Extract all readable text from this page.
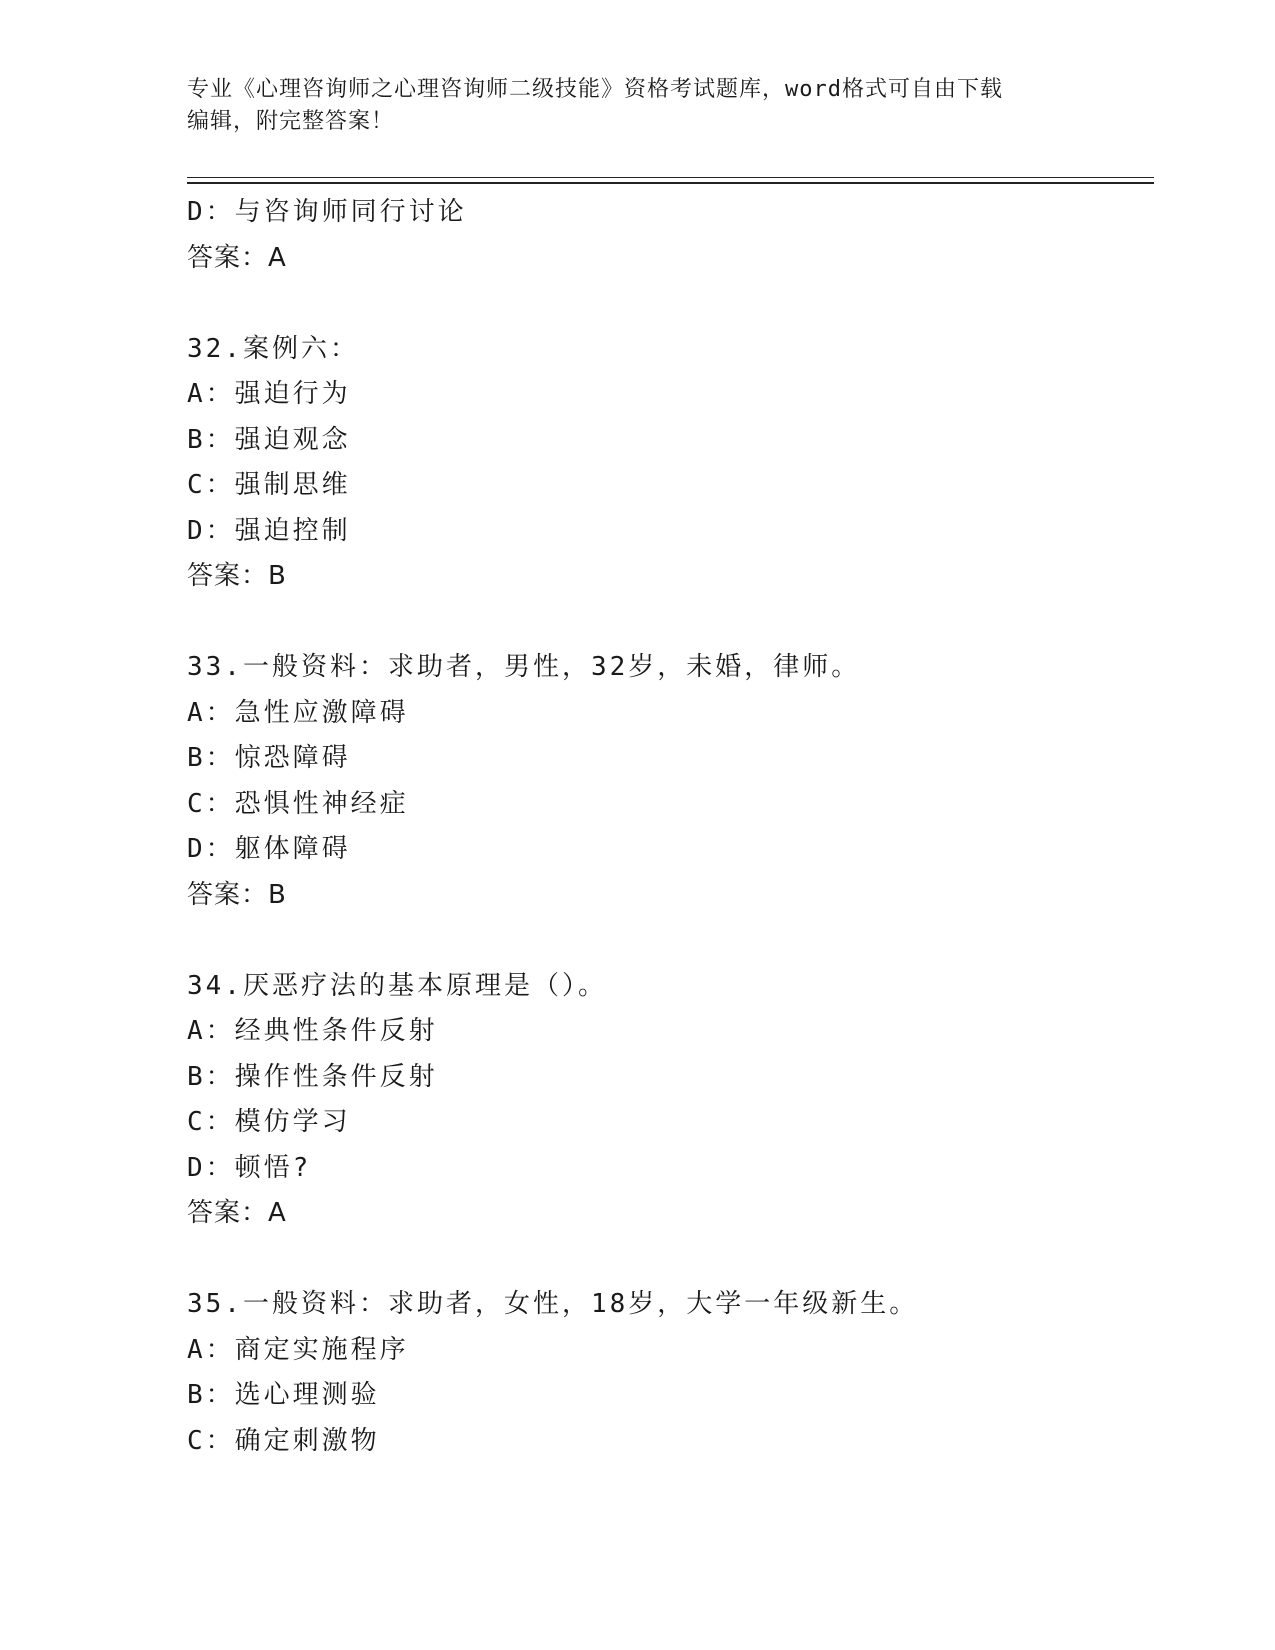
专业《心理咨询师之心理咨询师二级技能》资格考试题库，word格式可自由下载
编辑，附完整答案！
D：与咨询师同行讨论
答案：A
32.案例六：
A：强迫行为
B：强迫观念
C：强制思维
D：强迫控制
答案：B
33.一般资料：求助者，男性，32岁，未婚，律师。
A：急性应激障碍
B：惊恐障碍
C：恐惧性神经症
D：躯体障碍
答案：B
34.厌恶疗法的基本原理是（）。
A：经典性条件反射
B：操作性条件反射
C：模仿学习
D：顿悟?
答案：A
35.一般资料：求助者，女性，18岁，大学一年级新生。
A：商定实施程序
B：选心理测验
C：确定刺激物
